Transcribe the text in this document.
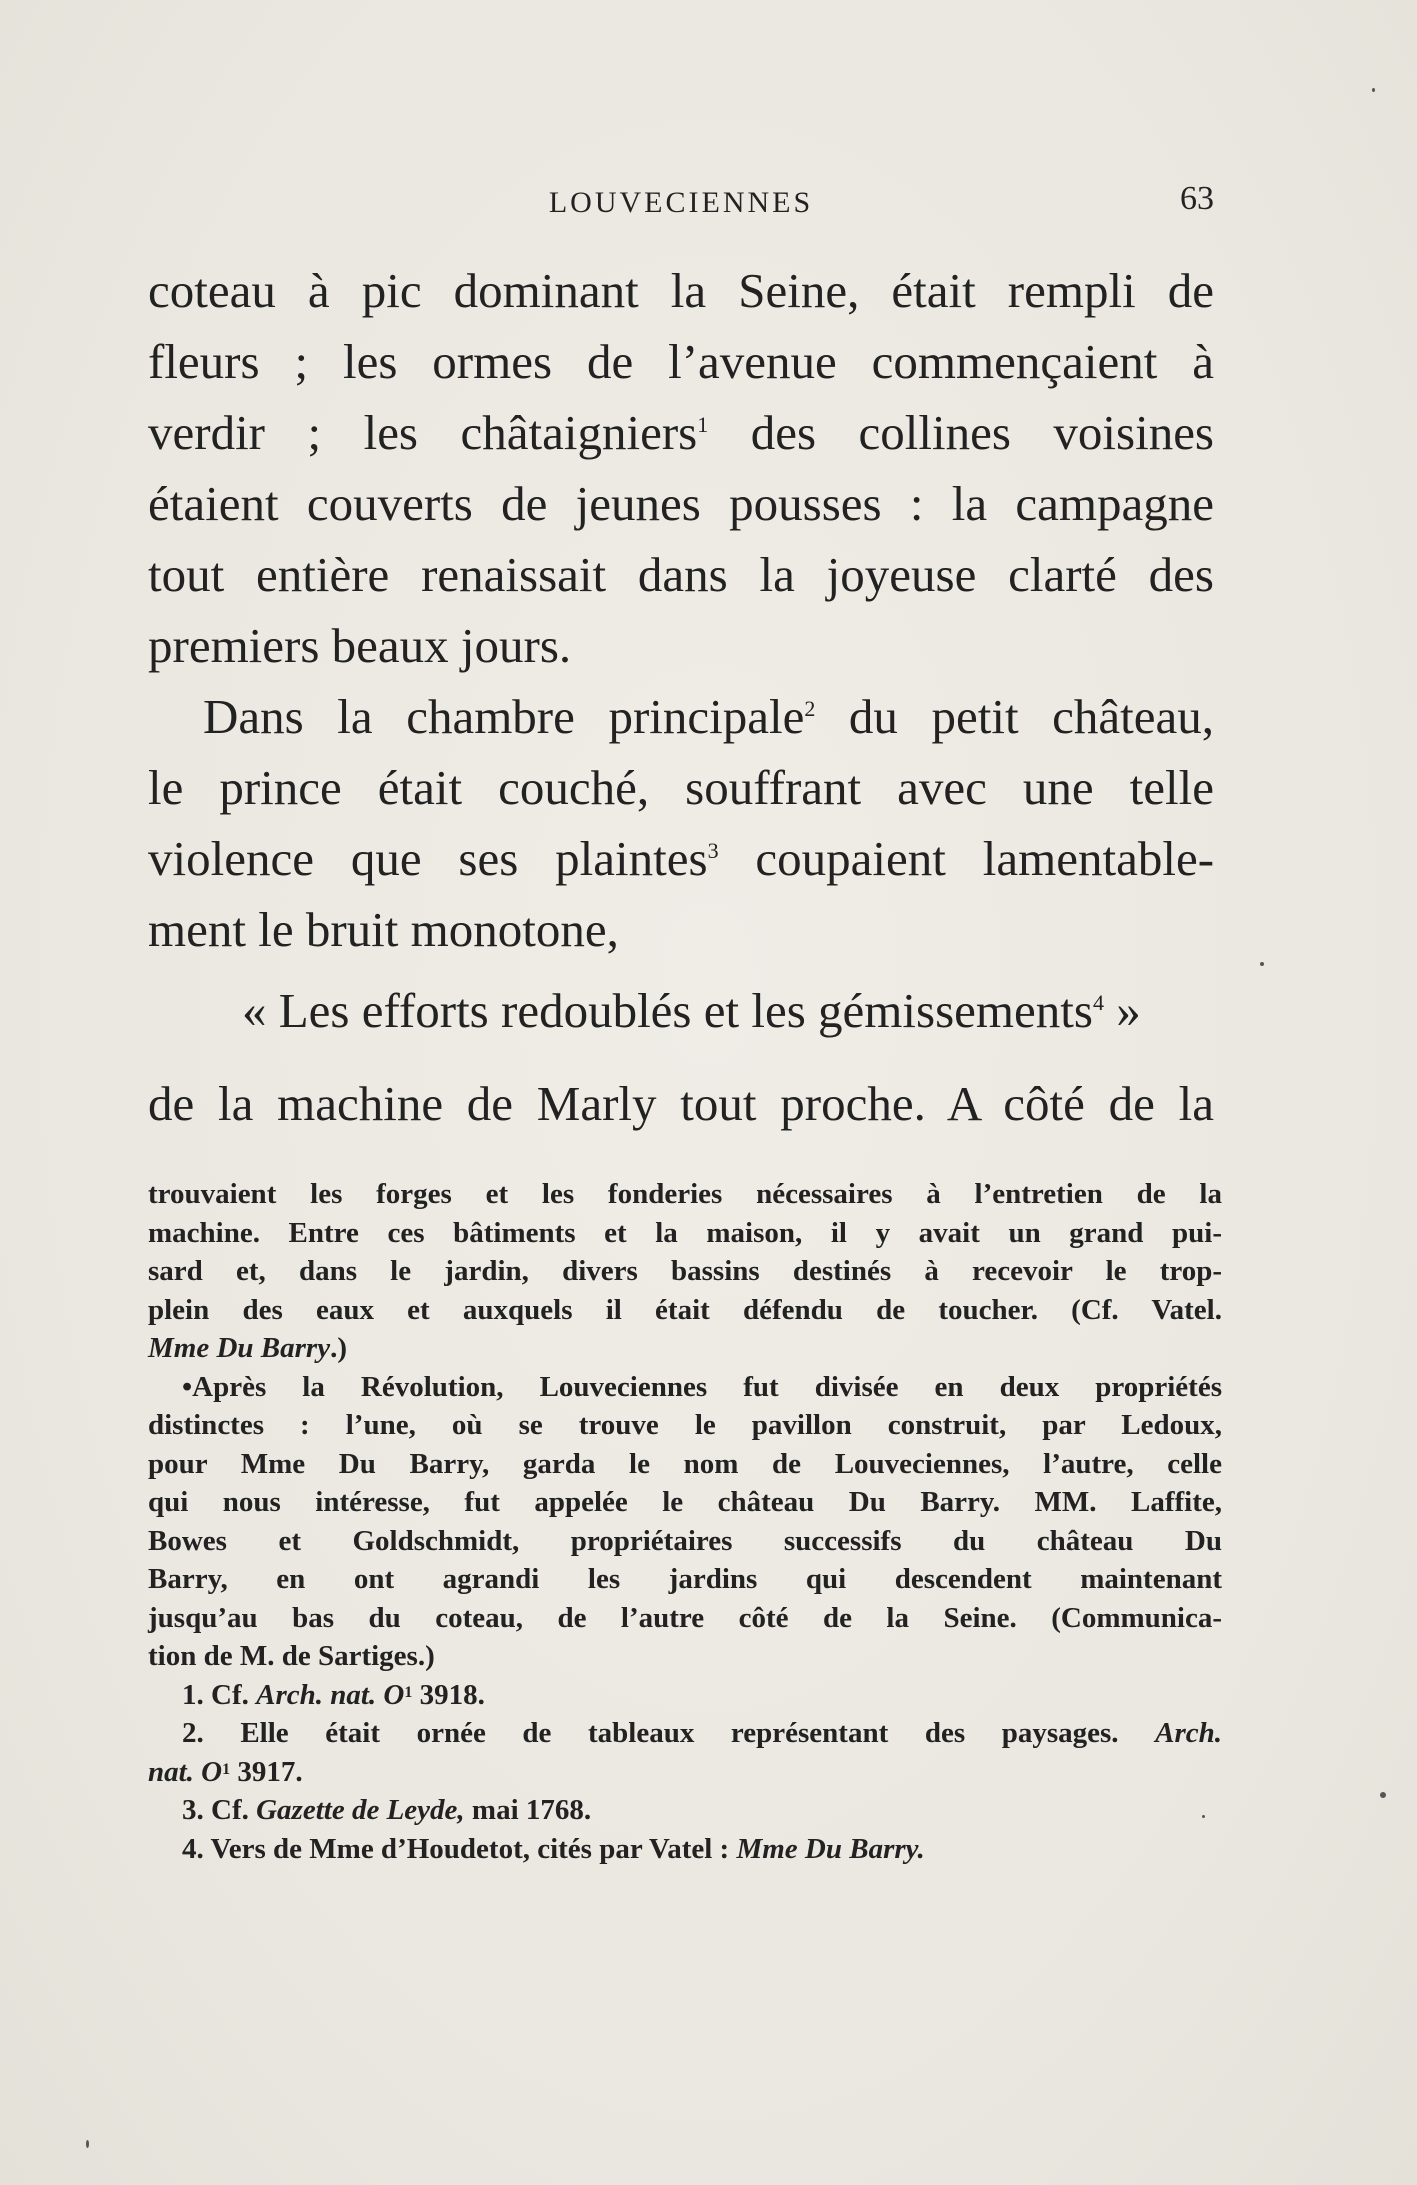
LOUVECIENNES	63
coteau à pic dominant la Seine, était rempli de
fleurs ; les ormes de l’avenue commençaient à
verdir ; les châtaigniers$^1$ des collines voisines
étaient couverts de jeunes pousses : la campagne
tout entière renaissait dans la joyeuse clarté des
premiers beaux jours.
Dans la chambre principale$^2$ du petit château,
le prince était couché, souffrant avec une telle
violence que ses plaintes$^3$ coupaient lamentable-
ment le bruit monotone,
« Les efforts redoublés et les gémissements$^4$ »
de la machine de Marly tout proche. A côté de la
trouvaient les forges et les fonderies nécessaires à l’entretien de la
machine. Entre ces bâtiments et la maison, il y avait un grand pui-
sard et, dans le jardin, divers bassins destinés à recevoir le trop-
plein des eaux et auxquels il était défendu de toucher. (Cf. Vatel.
Mme Du Barry.)
•Après la Révolution, Louveciennes fut divisée en deux propriétés
distinctes : l’une, où se trouve le pavillon construit, par Ledoux,
pour Mme Du Barry, garda le nom de Louveciennes, l’autre, celle
qui nous intéresse, fut appelée le château Du Barry. MM. Laffite,
Bowes et Goldschmidt, propriétaires successifs du château Du
Barry, en ont agrandi les jardins qui descendent maintenant
jusqu’au bas du coteau, de l’autre côté de la Seine. (Communica-
tion de M. de Sartiges.)
1. Cf. Arch. nat. $O^1$ 3918.
2. Elle était ornée de tableaux représentant des paysages. Arch.
nat. $O^1$ 3917.
3. Cf. Gazette de Leyde, mai 1768.
4. Vers de Mme d’Houdetot, cités par Vatel : Mme Du Barry.
